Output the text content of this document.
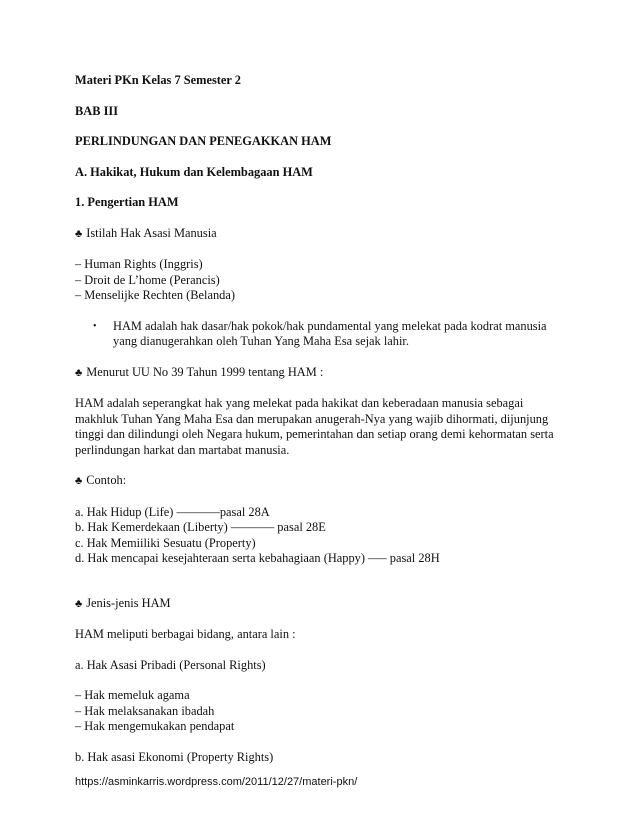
Materi PKn Kelas 7 Semester 2

BAB III

PERLINDUNGAN DAN PENEGAKKAN HAM

A. Hakikat, Hukum dan Kelembagaan HAM

1. Pengertian HAM

♣ Istilah Hak Asasi Manusia

– Human Rights (Inggris)

– Droit de L’home (Perancis)

– Menselijke Rechten (Belanda)

•	HAM adalah hak dasar/hak pokok/hak pundamental yang melekat pada kodrat manusia
yang dianugerahkan oleh Tuhan Yang Maha Esa sejak lahir.

♣ Menurut UU No 39 Tahun 1999 tentang HAM :

HAM adalah seperangkat hak yang melekat pada hakikat dan keberadaan manusia sebagai

makhluk Tuhan Yang Maha Esa dan merupakan anugerah-Nya yang wajib dihormati, dijunjung

tinggi dan dilindungi oleh Negara hukum, pemerintahan dan setiap orang demi kehormatan serta

perlindungan harkat dan martabat manusia.

♣ Contoh:

a. Hak Hidup (Life) ——–—pasal 28A

b. Hak Kemerdekaan (Liberty) —–—— pasal 28E

c. Hak Memiiliki Sesuatu (Property)

d. Hak mencapai kesejahteraan serta kebahagiaan (Happy) —– pasal 28H

♣ Jenis-jenis HAM

HAM meliputi berbagai bidang, antara lain :

a. Hak Asasi Pribadi (Personal Rights)

– Hak memeluk agama

– Hak melaksanakan ibadah

– Hak mengemukakan pendapat

b. Hak asasi Ekonomi (Property Rights)

https://asminkarris.wordpress.com/2011/12/27/materi-pkn/
